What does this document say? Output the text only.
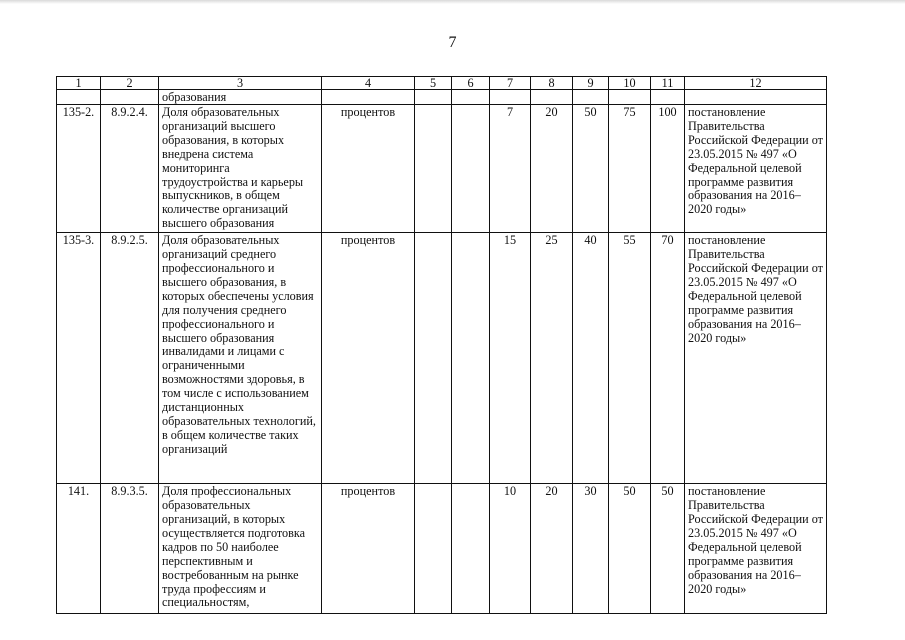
7
1	2	3	4	5	6	7	8	9	10	11	12
		образования									
135-2.	8.9.2.4.	Доля образовательных организаций высшего образования, в которых внедрена система мониторинга трудоустройства и карьеры выпускников, в общем количестве организаций высшего образования	процентов			7	20	50	75	100	постановление Правительства Российской Федерации от 23.05.2015 № 497 «О Федеральной целевой программе развития образования на 2016–2020 годы»
135-3.	8.9.2.5.	Доля образовательных организаций среднего профессионального и высшего образования, в которых обеспечены условия для получения среднего профессионального и высшего образования инвалидами и лицами с ограниченными возможностями здоровья, в том числе с использованием дистанционных образовательных технологий, в общем количестве таких организаций	процентов			15	25	40	55	70	постановление Правительства Российской Федерации от 23.05.2015 № 497 «О Федеральной целевой программе развития образования на 2016–2020 годы»
141.	8.9.3.5.	Доля профессиональных образовательных организаций, в которых осуществляется подготовка кадров по 50 наиболее перспективным и востребованным на рынке труда профессиям и специальностям,	процентов			10	20	30	50	50	постановление Правительства Российской Федерации от 23.05.2015 № 497 «О Федеральной целевой программе развития образования на 2016–2020 годы»
